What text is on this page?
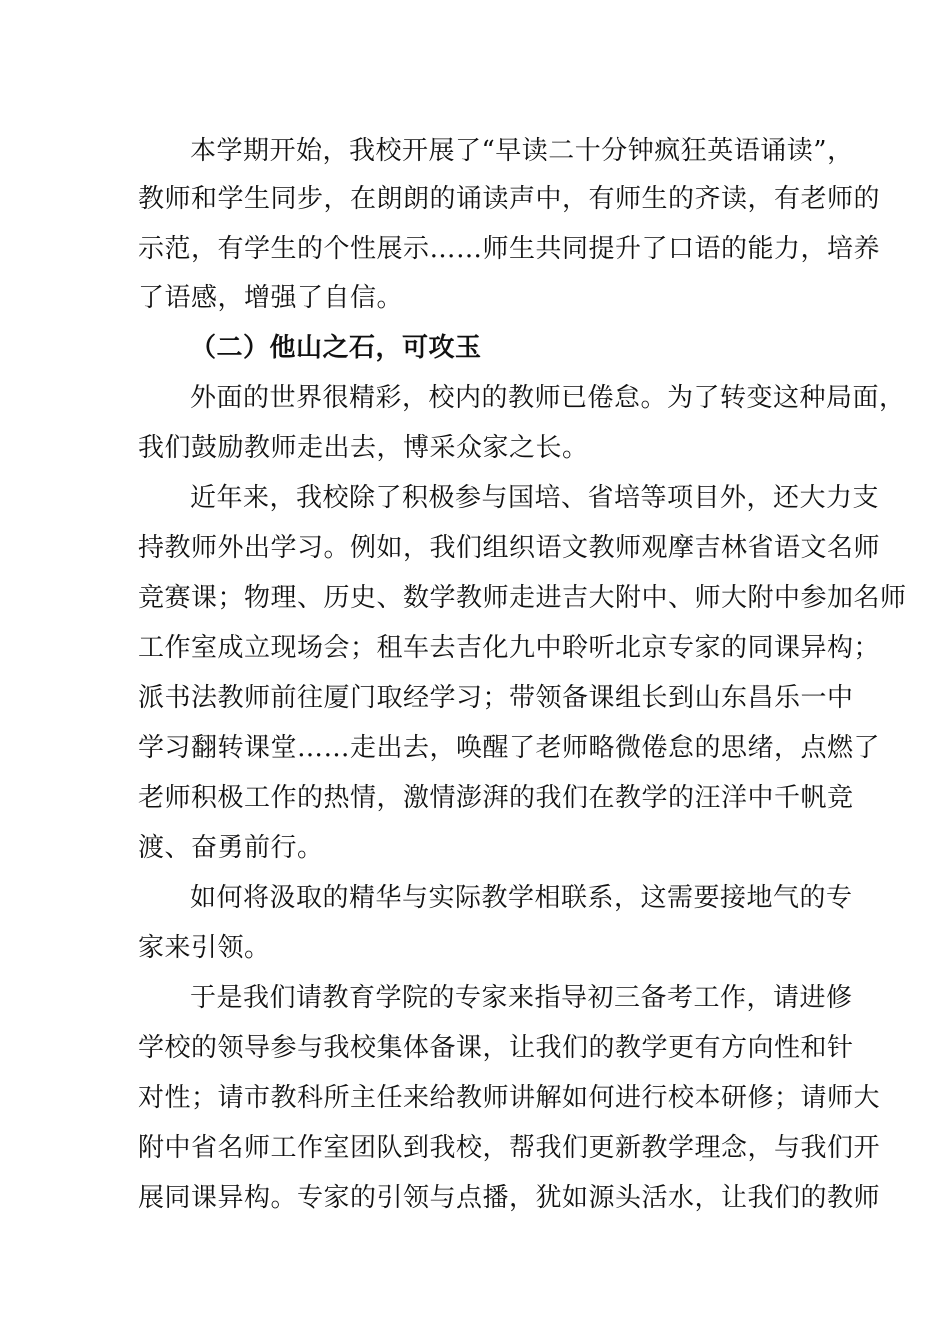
本学期开始，我校开展了“早读二十分钟疯狂英语诵读”，
教师和学生同步，在朗朗的诵读声中，有师生的齐读，有老师的
示范，有学生的个性展示……师生共同提升了口语的能力，培养
了语感，增强了自信。
（二）他山之石，可攻玉
外面的世界很精彩，校内的教师已倦怠。为了转变这种局面，
我们鼓励教师走出去，博采众家之长。
近年来，我校除了积极参与国培、省培等项目外，还大力支
持教师外出学习。例如，我们组织语文教师观摩吉林省语文名师
竞赛课；物理、历史、数学教师走进吉大附中、师大附中参加名师
工作室成立现场会；租车去吉化九中聆听北京专家的同课异构；
派书法教师前往厦门取经学习；带领备课组长到山东昌乐一中
学习翻转课堂……走出去，唤醒了老师略微倦怠的思绪，点燃了
老师积极工作的热情，激情澎湃的我们在教学的汪洋中千帆竞
渡、奋勇前行。
如何将汲取的精华与实际教学相联系，这需要接地气的专
家来引领。
于是我们请教育学院的专家来指导初三备考工作，请进修
学校的领导参与我校集体备课，让我们的教学更有方向性和针
对性；请市教科所主任来给教师讲解如何进行校本研修；请师大
附中省名师工作室团队到我校，帮我们更新教学理念，与我们开
展同课异构。专家的引领与点播，犹如源头活水，让我们的教师
